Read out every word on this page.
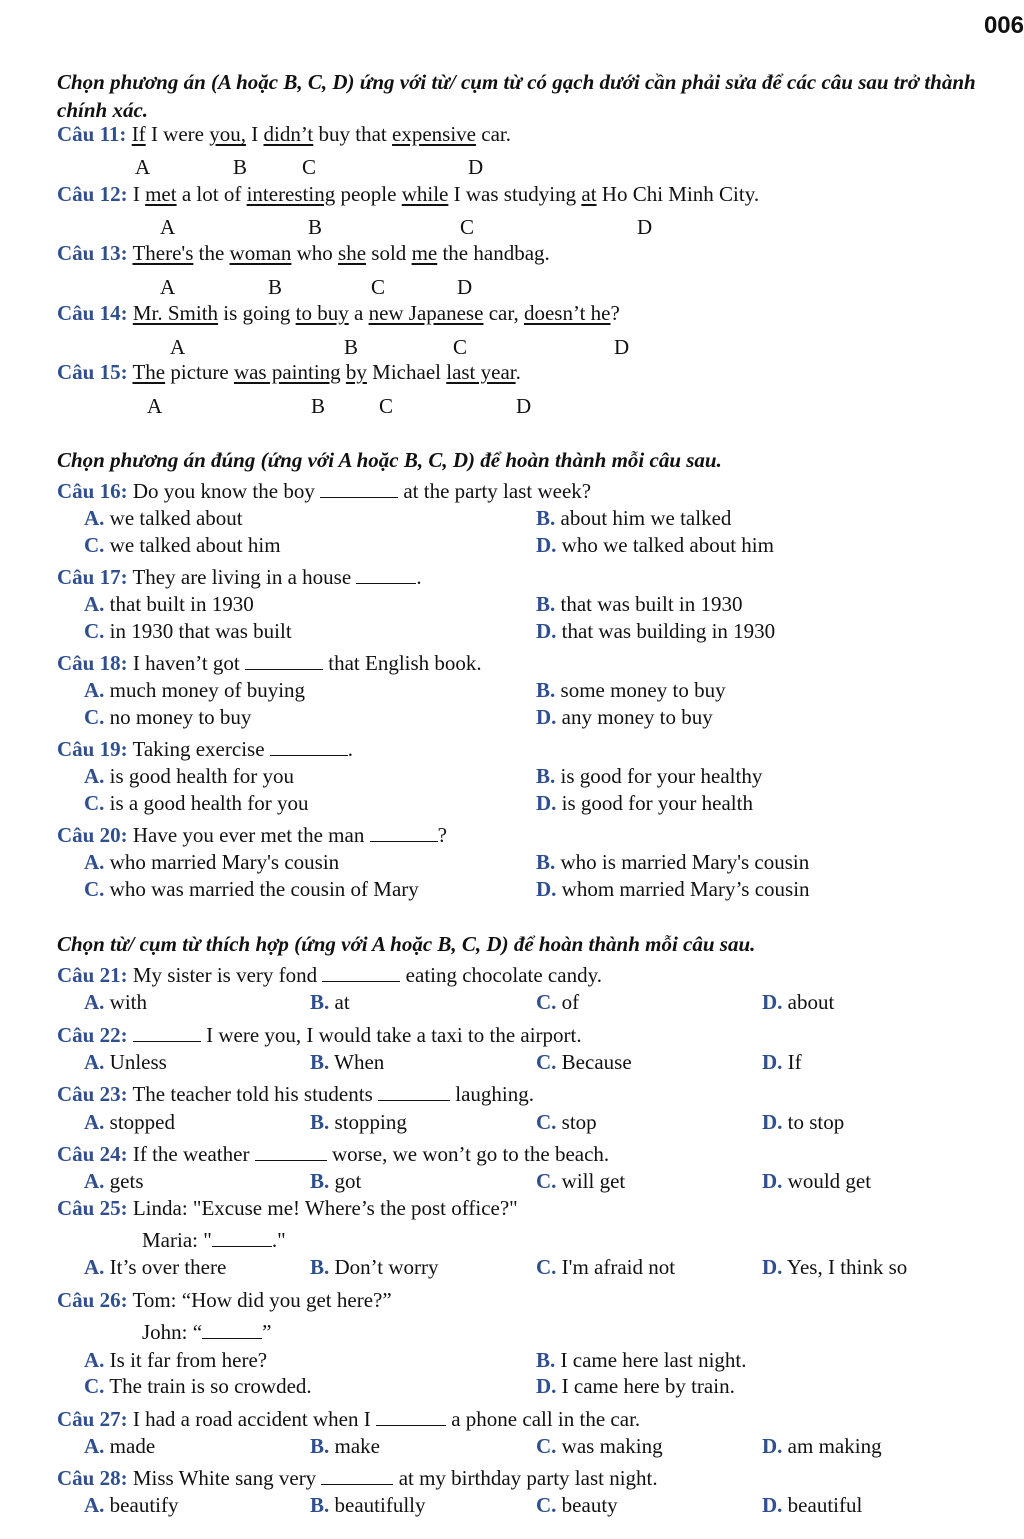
006
Chọn phương án (A hoặc B, C, D) ứng với từ/ cụm từ có gạch dưới cần phải sửa để các câu sau trở thành chính xác.
Câu 11: If I were you, I didn’t buy that expensive car.
A	B	C	D
Câu 12: I met a lot of interesting people while I was studying at Ho Chi Minh City.
A	B	C	D
Câu 13: There's the woman who she sold me the handbag.
A	B	C	D
Câu 14: Mr. Smith is going to buy a new Japanese car, doesn’t he?
A	B	C	D
Câu 15: The picture was painting by Michael last year.
A	B	C	D
Chọn phương án đúng (ứng với A hoặc B, C, D) để hoàn thành mỗi câu sau.
Câu 16: Do you know the boy	at the party last week?
A. we talked about	B. about him we talked
C. we talked about him	D. who we talked about him
Câu 17: They are living in a house	.
A. that built in 1930	B. that was built in 1930
C. in 1930 that was built	D. that was building in 1930
Câu 18: I haven’t got	that English book.
A. much money of buying	B. some money to buy
C. no money to buy	D. any money to buy
Câu 19: Taking exercise	.
A. is good health for you	B. is good for your healthy
C. is a good health for you	D. is good for your health
Câu 20: Have you ever met the man	?
A. who married Mary's cousin	B. who is married Mary's cousin
C. who was married the cousin of Mary	D. whom married Mary’s cousin
Chọn từ/ cụm từ thích hợp (ứng với A hoặc B, C, D) để hoàn thành mỗi câu sau.
Câu 21: My sister is very fond	eating chocolate candy.
A. with	B. at	C. of	D. about
Câu 22:	I were you, I would take a taxi to the airport.
A. Unless	B. When	C. Because	D. If
Câu 23: The teacher told his students	laughing.
A. stopped	B. stopping	C. stop	D. to stop
Câu 24: If the weather	worse, we won’t go to the beach.
A. gets	B. got	C. will get	D. would get
Câu 25: Linda: "Excuse me! Where’s the post office?"
Maria: "	."
A. It’s over there	B. Don’t worry	C. I'm afraid not	D. Yes, I think so
Câu 26: Tom: “How did you get here?”
John: “	”
A. Is it far from here?	B. I came here last night.
C. The train is so crowded.	D. I came here by train.
Câu 27: I had a road accident when I	a phone call in the car.
A. made	B. make	C. was making	D. am making
Câu 28: Miss White sang very	at my birthday party last night.
A. beautify	B. beautifully	C. beauty	D. beautiful
